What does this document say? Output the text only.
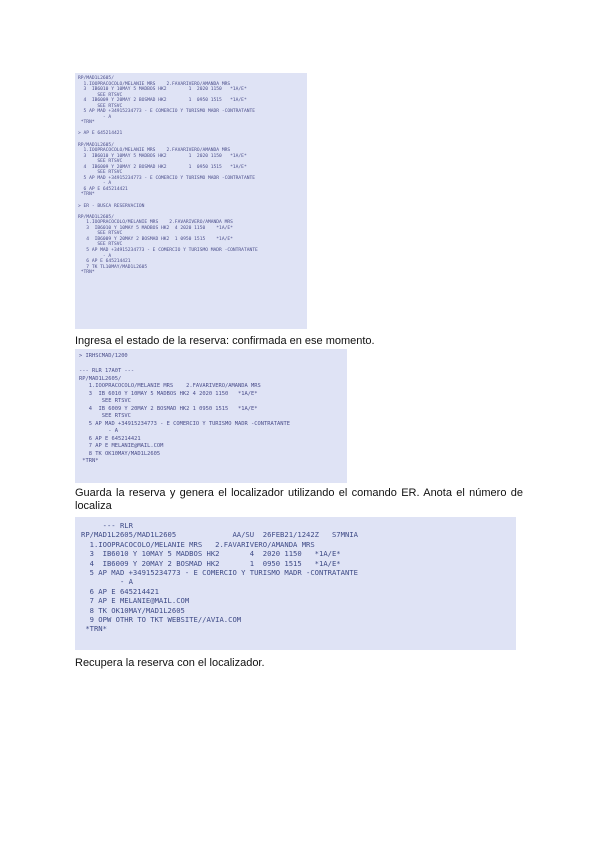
RP/MAD1L2605/
1.IOOPRACOCOLO/MELANIE MRS    2.FAVARIVERO/AMANDA MRS
3  IB6010 Y 10MAY 5 MADBOS HK2        1  2020 1150   *1A/E*
SEE RTSVC
4  IB6009 Y 20MAY 2 BOSMAD HK2        1  0950 1515   *1A/E*
SEE RTSVC
5 AP MAD +34915234773 - E COMERCIO Y TURISMO MADR -CONTRATANTE
- A
*TRN*

> AP E 645214421

RP/MAD1L2605/
1.IOOPRACOCOLO/MELANIE MRS    2.FAVARIVERO/AMANDA MRS
3  IB6010 Y 10MAY 5 MADBOS HK2        1  2020 1150   *1A/E*
SEE RTSVC
4  IB6009 Y 20MAY 2 BOSMAD HK2        1  0950 1515   *1A/E*
SEE RTSVC
5 AP MAD +34915234773 - E COMERCIO Y TURISMO MADR -CONTRATANTE
- A
6 AP E 645214421
*TRN*

> ER - BUSCA RESERVACION

RP/MAD1L2605/
1.IOOPRACOCOLO/MELANIE MRS    2.FAVARIVERO/AMANDA MRS
3  IB6010 Y 10MAY 5 MADBOS HK2  4 2020 1150    *1A/E*
SEE RTSVC
4  IB6009 Y 20MAY 2 BOSMAD HK2  1 0950 1515    *1A/E*
SEE RTSVC
5 AP MAD +34915234773 - E COMERCIO Y TURISMO MADR -CONTRATANTE
- A
6 AP E 645214421
7 TK TL10MAY/MAD1L2605
*TRN*
Ingresa el estado de la reserva: confirmada en ese momento.
> IRHSCMAD/1200

--- RLR 17A0T ---
RP/MAD1L2605/
1.IOOPRACOCOLO/MELANIE MRS    2.FAVARIVERO/AMANDA MRS
3  IB 6010 Y 10MAY 5 MADBOS HK2 4 2020 1150   *1A/E*
SEE RTSVC
4  IB 6009 Y 20MAY 2 BOSMAD HK2 1 0950 1515   *1A/E*
SEE RTSVC
5 AP MAD +34915234773 - E COMERCIO Y TURISMO MADR -CONTRATANTE
- A
6 AP E 645214421
7 AP E MELANIE@MAIL.COM
8 TK OK10MAY/MAD1L2605
*TRN*

Guarda la reserva y genera el localizador utilizando el comando ER. Anota el número de localiza
--- RLR
RP/MAD1L2605/MAD1L2605             AA/SU  26FEB21/1242Z   S7MNIA
1.IOOPRACOCOLO/MELANIE MRS   2.FAVARIVERO/AMANDA MRS
3  IB6010 Y 10MAY 5 MADBOS HK2       4  2020 1150   *1A/E*
4  IB6009 Y 20MAY 2 BOSMAD HK2       1  0950 1515   *1A/E*
5 AP MAD +34915234773 - E COMERCIO Y TURISMO MADR -CONTRATANTE
- A
6 AP E 645214421
7 AP E MELANIE@MAIL.COM
8 TK OK10MAY/MAD1L2605
9 OPW OTHR TO TKT WEBSITE//AVIA.COM
*TRN*
Recupera la reserva con el localizador.
